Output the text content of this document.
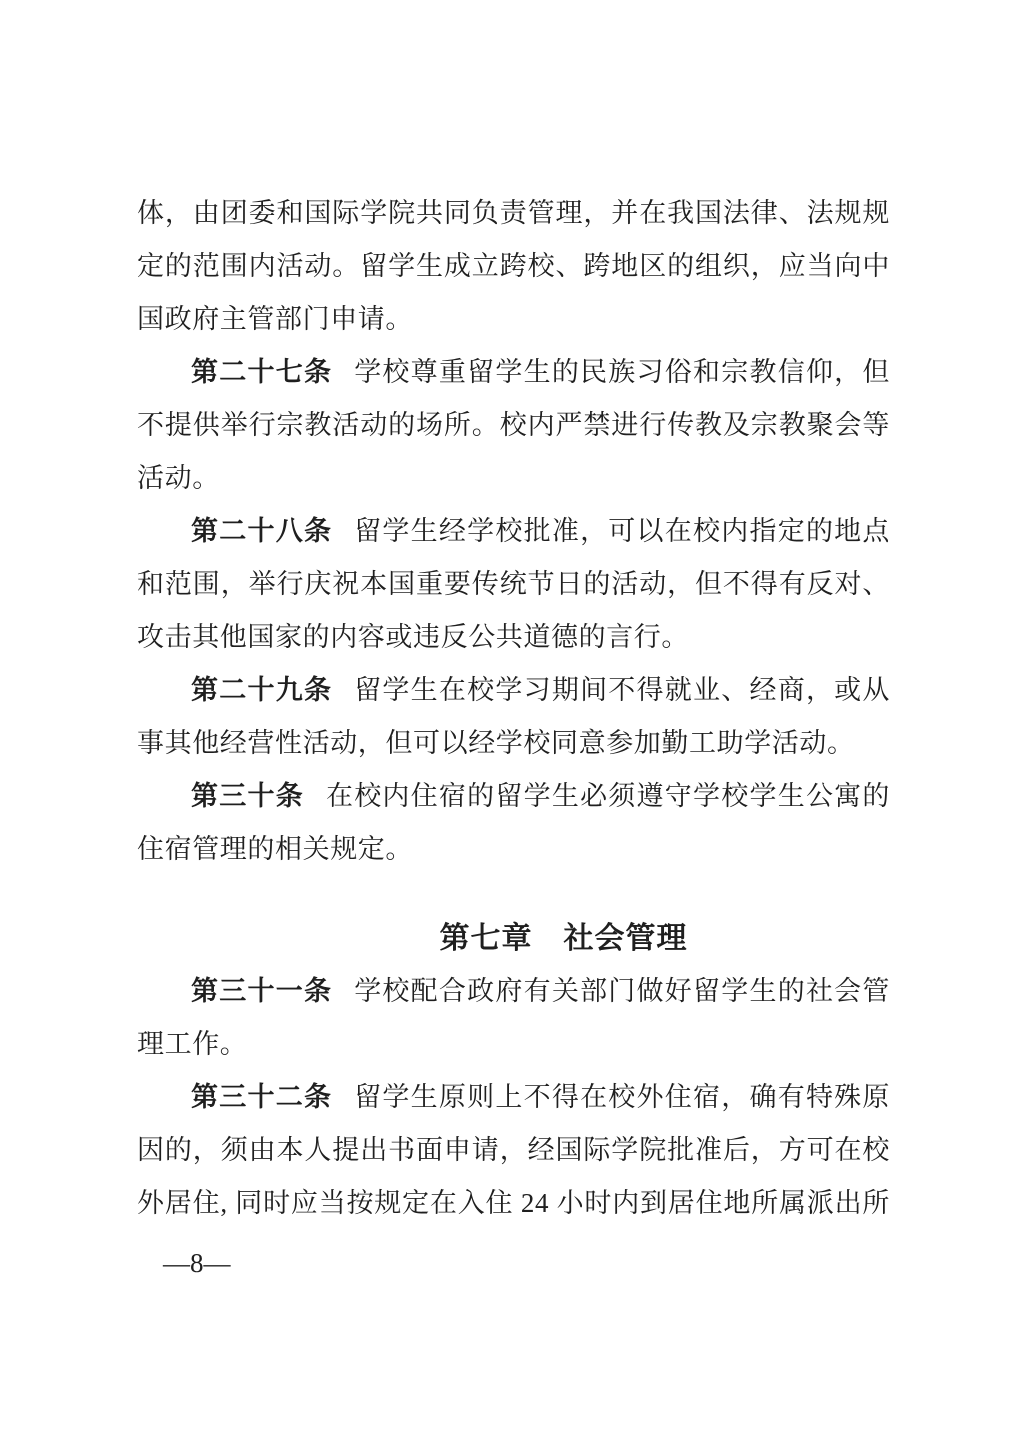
体，由团委和国际学院共同负责管理，并在我国法律、法规规
定的范围内活动。留学生成立跨校、跨地区的组织，应当向中
国政府主管部门申请。

第二十七条 学校尊重留学生的民族习俗和宗教信仰，但
不提供举行宗教活动的场所。校内严禁进行传教及宗教聚会等
活动。

第二十八条 留学生经学校批准，可以在校内指定的地点
和范围，举行庆祝本国重要传统节日的活动，但不得有反对、
攻击其他国家的内容或违反公共道德的言行。

第二十九条 留学生在校学习期间不得就业、经商，或从
事其他经营性活动，但可以经学校同意参加勤工助学活动。

第三十条 在校内住宿的留学生必须遵守学校学生公寓的
住宿管理的相关规定。

第七章　社会管理

第三十一条 学校配合政府有关部门做好留学生的社会管
理工作。

第三十二条 留学生原则上不得在校外住宿，确有特殊原
因的，须由本人提出书面申请，经国际学院批准后，方可在校
外居住, 同时应当按规定在入住 24 小时内到居住地所属派出所

—8—
